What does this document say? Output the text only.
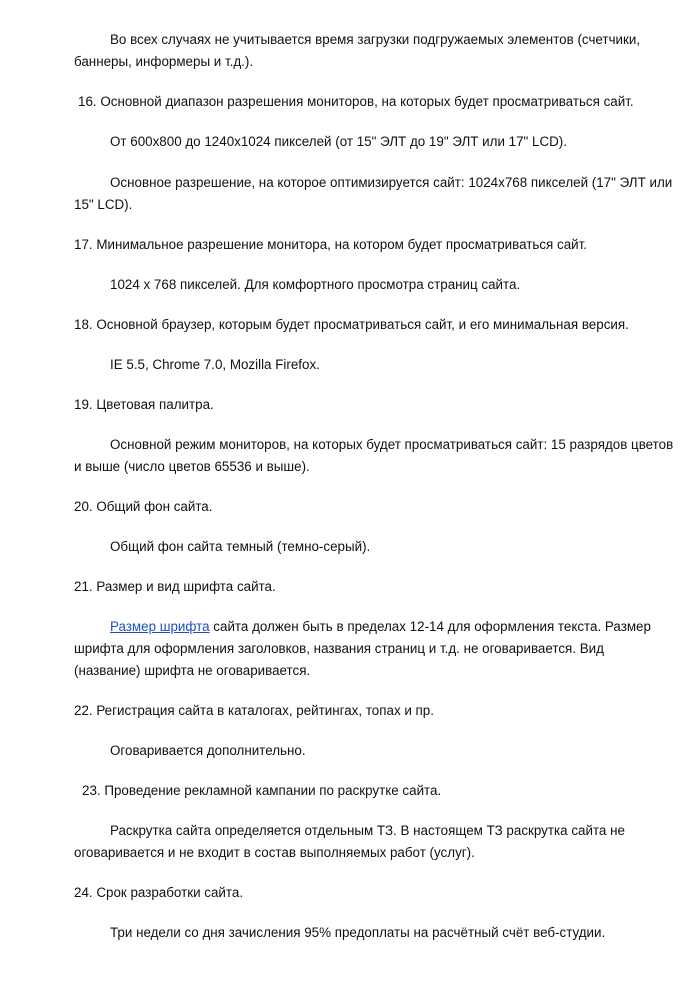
Во всех случаях не учитывается время загрузки подгружаемых элементов (счетчики, баннеры, информеры и т.д.).

16. Основной диапазон разрешения мониторов, на которых будет просматриваться сайт.

От 600x800 до 1240x1024 пикселей (от 15" ЭЛТ до 19" ЭЛТ или 17" LCD).

Основное разрешение, на которое оптимизируется сайт: 1024x768 пикселей (17" ЭЛТ или 15" LCD).

17. Минимальное разрешение монитора, на котором будет просматриваться сайт.

1024 x 768 пикселей. Для комфортного просмотра страниц сайта.

18. Основной браузер, которым будет просматриваться сайт, и его минимальная версия.

IE 5.5, Chrome 7.0, Mozilla Firefox.

19. Цветовая палитра.

Основной режим мониторов, на которых будет просматриваться сайт: 15 разрядов цветов и выше (число цветов 65536 и выше).

20. Общий фон сайта.

Общий фон сайта темный (темно-серый).

21. Размер и вид шрифта сайта.

Размер шрифта сайта должен быть в пределах 12-14 для оформления текста. Размер шрифта для оформления заголовков, названия страниц и т.д. не оговаривается. Вид (название) шрифта не оговаривается.

22. Регистрация сайта в каталогах, рейтингах, топах и пр.

Оговаривается дополнительно.

23. Проведение рекламной кампании по раскрутке сайта.

Раскрутка сайта определяется отдельным ТЗ. В настоящем ТЗ раскрутка сайта не оговаривается и не входит в состав выполняемых работ (услуг).

24. Срок разработки сайта.

Три недели со дня зачисления 95% предоплаты на расчётный счёт веб-студии.
